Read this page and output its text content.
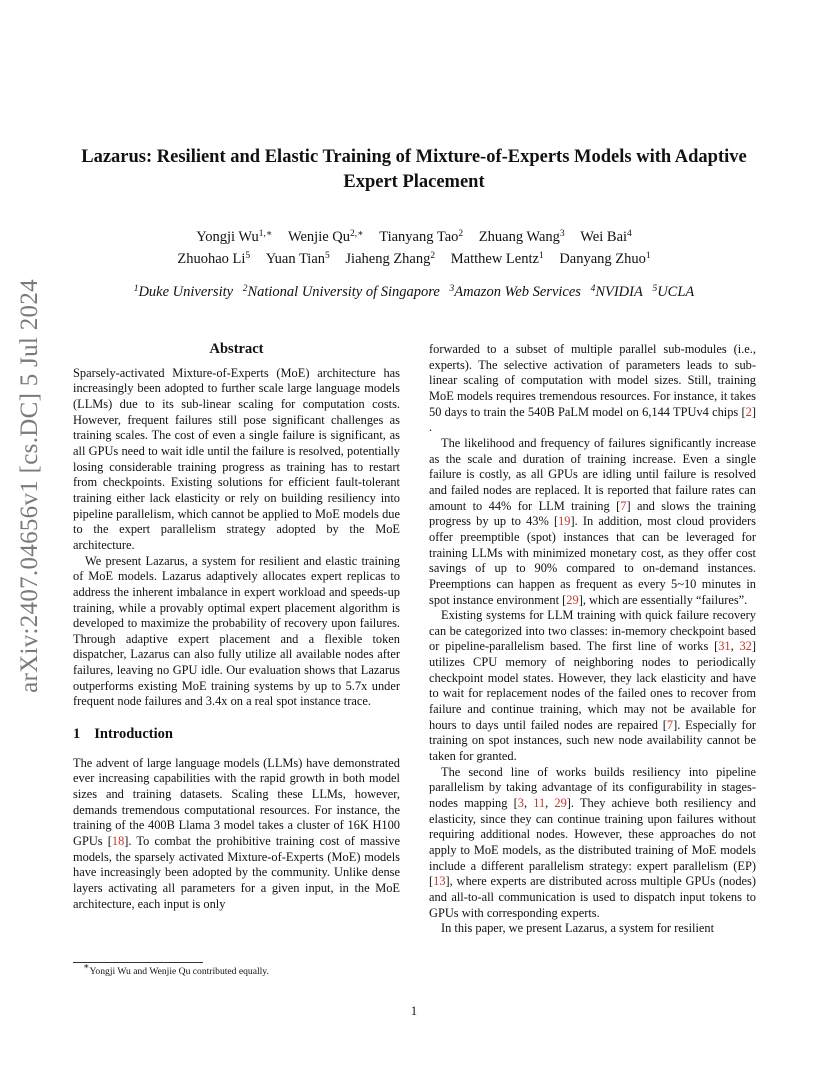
arXiv:2407.04656v1 [cs.DC] 5 Jul 2024
Lazarus: Resilient and Elastic Training of Mixture-of-Experts Models with Adaptive Expert Placement
Yongji $Wu^{1,∗}$ Wenjie $Qu^{2,∗}$ Tianyang Tao$^2$ Zhuang Wang$^3$ Wei Bai$^4$
Zhuohao Li$^5$ Yuan Tian$^5$ Jiaheng Zhang$^2$ Matthew Lentz$^1$ Danyang Zhuo$^1$
$^1$Duke University $^2$National University of Singapore $^3$Amazon Web Services $^4$NVIDIA $^5$UCLA
Abstract

Sparsely-activated Mixture-of-Experts (MoE) architecture has increasingly been adopted to further scale large language models (LLMs) due to its sub-linear scaling for computation costs. However, frequent failures still pose significant challenges as training scales. The cost of even a single failure is significant, as all GPUs need to wait idle until the failure is resolved, potentially losing considerable training progress as training has to restart from checkpoints. Existing solutions for efficient fault-tolerant training either lack elasticity or rely on building resiliency into pipeline parallelism, which cannot be applied to MoE models due to the expert parallelism strategy adopted by the MoE architecture.

We present Lazarus, a system for resilient and elastic training of MoE models. Lazarus adaptively allocates expert replicas to address the inherent imbalance in expert workload and speeds-up training, while a provably optimal expert placement algorithm is developed to maximize the probability of recovery upon failures. Through adaptive expert placement and a flexible token dispatcher, Lazarus can also fully utilize all available nodes after failures, leaving no GPU idle. Our evaluation shows that Lazarus outperforms existing MoE training systems by up to 5.7x under frequent node failures and 3.4x on a real spot instance trace.

1 Introduction

The advent of large language models (LLMs) have demonstrated ever increasing capabilities with the rapid growth in both model sizes and training datasets. Scaling these LLMs, however, demands tremendous computational resources. For instance, the training of the 400B Llama 3 model takes a cluster of 16K H100 GPUs [18]. To combat the prohibitive training cost of massive models, the sparsely activated Mixture-of-Experts (MoE) models have increasingly been adopted by the community. Unlike dense layers activating all parameters for a given input, in the MoE architecture, each input is only

forwarded to a subset of multiple parallel sub-modules (i.e., experts). The selective activation of parameters leads to sub-linear scaling of computation with model sizes. Still, training MoE models requires tremendous resources. For instance, it takes 50 days to train the 540B PaLM model on 6,144 TPUv4 chips [2] .

The likelihood and frequency of failures significantly increase as the scale and duration of training increase. Even a single failure is costly, as all GPUs are idling until failure is resolved and failed nodes are replaced. It is reported that failure rates can amount to 44% for LLM training [7] and slows the training progress by up to 43% [19]. In addition, most cloud providers offer preemptible (spot) instances that can be leveraged for training LLMs with minimized monetary cost, as they offer cost savings of up to 90% compared to on-demand instances. Preemptions can happen as frequent as every 5~10 minutes in spot instance environment [29], which are essentially “failures”.

Existing systems for LLM training with quick failure recovery can be categorized into two classes: in-memory checkpoint based or pipeline-parallelism based. The first line of works [31, 32] utilizes CPU memory of neighboring nodes to periodically checkpoint model states. However, they lack elasticity and have to wait for replacement nodes of the failed ones to recover from failure and continue training, which may not be available for hours to days until failed nodes are repaired [7]. Especially for training on spot instances, such new node availability cannot be taken for granted.

The second line of works builds resiliency into pipeline parallelism by taking advantage of its configurability in stages-nodes mapping [3, 11, 29]. They achieve both resiliency and elasticity, since they can continue training upon failures without requiring additional nodes. However, these approaches do not apply to MoE models, as the distributed training of MoE models include a different parallelism strategy: expert parallelism (EP) [13], where experts are distributed across multiple GPUs (nodes) and all-to-all communication is used to dispatch input tokens to GPUs with corresponding experts.

In this paper, we present Lazarus, a system for resilient

∗Yongji Wu and Wenjie Qu contributed equally.
1
